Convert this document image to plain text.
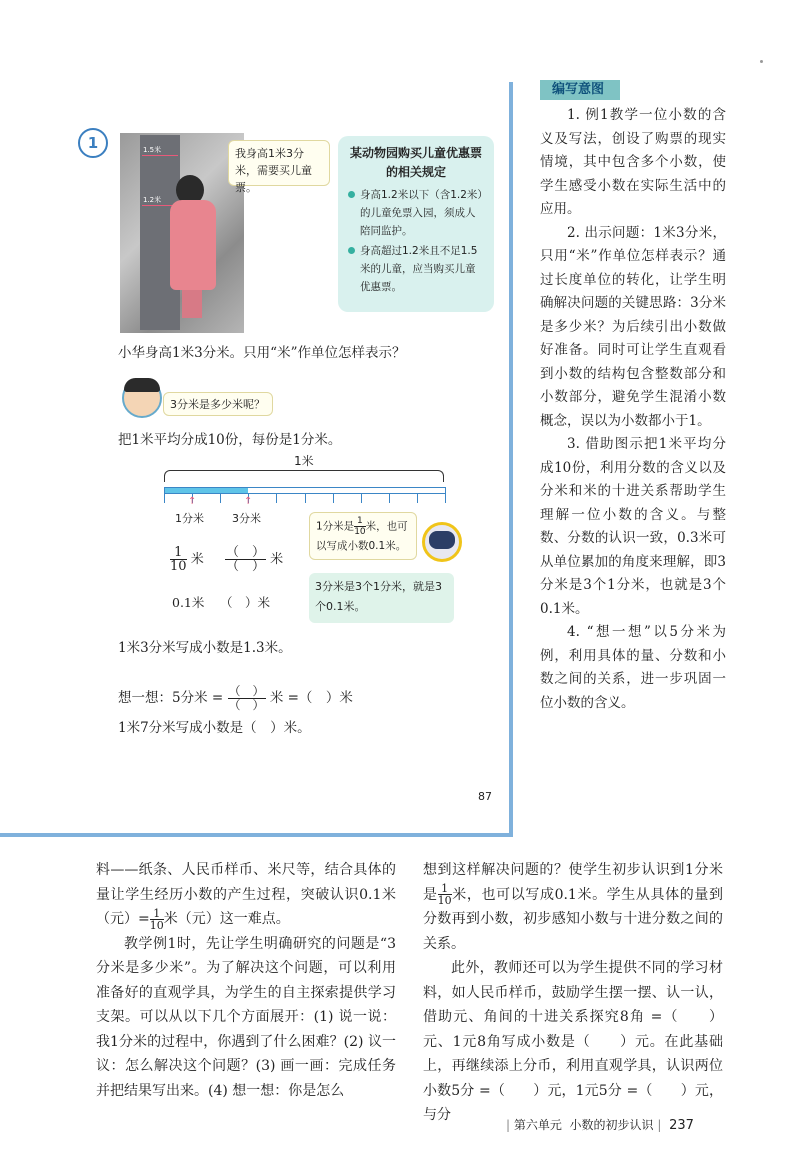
1	1.5米
1.2米
我身高1米3分米，需要买儿童票。
某动物园购买儿童优惠票的相关规定
身高1.2米以下（含1.2米）的儿童免票入园，须成人陪同监护。
身高超过1.2米且不足1.5米的儿童，应当购买儿童优惠票。
小华身高1米3分米。只用“米”作单位怎样表示？
3分米是多少米呢？
把1米平均分成10份，每份是1分米。
1米
↑	↑
1分米	3分米
$\frac{1}{10}$ 米 $\frac{( )}{( )}$ 米
0.1米 （　）米
1分米是 $\frac{1}{10}$ 米，也可以写成小数0.1米。
3分米是3个1分米，就是3个0.1米。
1米3分米写成小数是1.3米。
想一想：5分米 = $\frac{( )}{( )}$ 米 =（　）米
1米7分米写成小数是（　）米。
87
编写意图

1. 例1教学一位小数的含义及写法，创设了购票的现实情境，其中包含多个小数，使学生感受小数在实际生活中的应用。

2. 出示问题：1米3分米，只用“米”作单位怎样表示？通过长度单位的转化，让学生明确解决问题的关键思路：3分米是多少米？为后续引出小数做好准备。同时可让学生直观看到小数的结构包含整数部分和小数部分，避免学生混淆小数概念，误以为小数都小于1。

3. 借助图示把1米平均分成10份，利用分数的含义以及分米和米的十进关系帮助学生理解一位小数的含义。与整数、分数的认识一致，0.3米可从单位累加的角度来理解，即3分米是3个1分米，也就是3个0.1米。

4. “想一想”以5分米为例，利用具体的量、分数和小数之间的关系，进一步巩固一位小数的含义。

料——纸条、人民币样币、米尺等，结合具体的量让学生经历小数的产生过程，突破认识0.1米（元）= $\frac{1}{10}$ 米（元）这一难点。

教学例1时，先让学生明确研究的问题是“3分米是多少米”。为了解决这个问题，可以利用准备好的直观学具，为学生的自主探索提供学习支架。可以从以下几个方面展开：(1) 说一说：我1分米的过程中，你遇到了什么困难？(2) 议一议：怎么解决这个问题？(3) 画一画：完成任务并把结果写出来。(4) 想一想：你是怎么

想到这样解决问题的？使学生初步认识到1分米是 $\frac{1}{10}$ 米，也可以写成0.1米。学生从具体的量到分数再到小数，初步感知小数与十进分数之间的关系。

此外，教师还可以为学生提供不同的学习材料，如人民币样币，鼓励学生摆一摆、认一认，借助元、角间的十进关系探究8角 =（　　）元、1元8角写成小数是（　　）元。在此基础上，再继续添上分币，利用直观学具，认识两位小数5分 =（　　）元，1元5分 =（　　）元，与分

| 第六单元 小数的初步认识 | 237
